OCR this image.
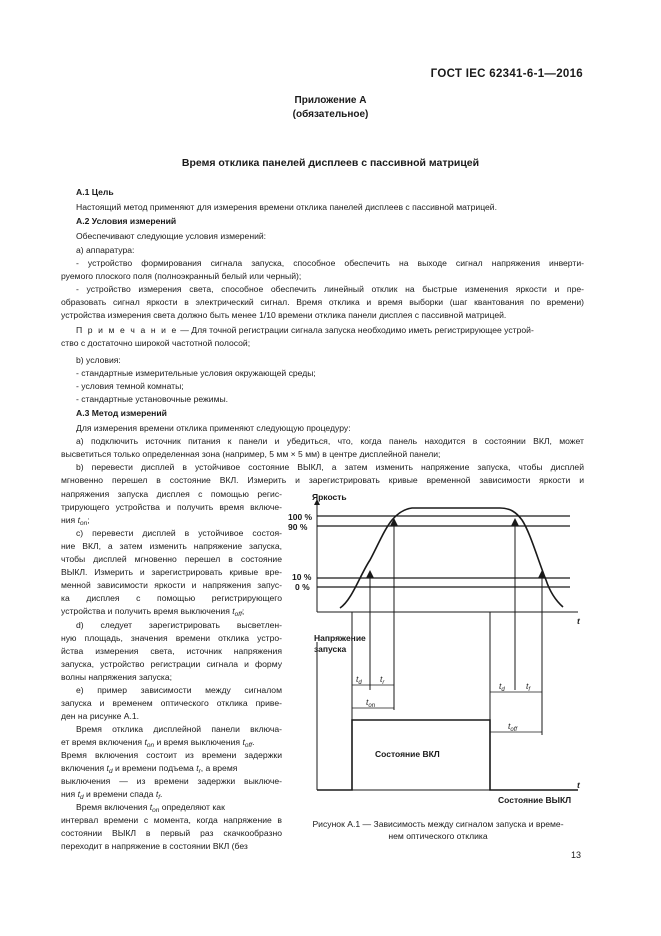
ГОСТ IEC 62341-6-1—2016
Приложение А
(обязательное)
Время отклика панелей дисплеев с пассивной матрицей
А.1 Цель
Настоящий метод применяют для измерения времени отклика панелей дисплеев с пассивной матрицей.
А.2 Условия измерений
Обеспечивают следующие условия измерений:
а) аппаратура:
- устройство формирования сигнала запуска, способное обеспечить на выходе сигнал напряжения инверти-
руемого плоского поля (полноэкранный белый или черный);
- устройство измерения света, способное обеспечить линейный отклик на быстрые изменения яркости и пре-
образовать сигнал яркости в электрический сигнал. Время отклика и время выборки (шаг квантования по времени)
устройства измерения света должно быть менее 1/10 времени отклика панели дисплея с пассивной матрицей.
П р и м е ч а н и е — Для точной регистрации сигнала запуска необходимо иметь регистрирующее устрой-
ство с достаточно широкой частотной полосой;
b) условия:
- стандартные измерительные условия окружающей среды;
- условия темной комнаты;
- стандартные установочные режимы.
А.3 Метод измерений
Для измерения времени отклика применяют следующую процедуру:
а) подключить источник питания к панели и убедиться, что, когда панель находится в состоянии ВКЛ, может
высветиться только определенная зона (например, 5 мм × 5 мм) в центре дисплейной панели;
b) перевести дисплей в устойчивое состояние ВЫКЛ, а затем изменить напряжение запуска, чтобы дисплей
мгновенно перешел в состояние ВКЛ. Измерить и зарегистрировать кривые временной зависимости яркости и
напряжения запуска дисплея с помощью регис-
трирующего устройства и получить время включе-
ния $t_{on}$;
с) перевести дисплей в устойчивое состоя-
ние ВКЛ, а затем изменить напряжение запуска,
чтобы дисплей мгновенно перешел в состояние
ВЫКЛ. Измерить и зарегистрировать кривые вре-
менной зависимости яркости и напряжения запус-
ка дисплея с помощью регистрирующего
устройства и получить время выключения $t_{off}$;
d) следует зарегистрировать высветлен-
ную площадь, значения времени отклика устро-
йства измерения света, источник напряжения
запуска, устройство регистрации сигнала и форму
волны напряжения запуска;
е) пример зависимости между сигналом
запуска и временем оптического отклика приве-
ден на рисунке А.1.
Время отклика дисплейной панели включа-
ет время включения $t_{on}$ и время выключения $t_{off}$.
Время включения состоит из времени задержки
включения $t_d$ и времени подъема $t_r$, а время
выключения — из времени задержки выключе-
ния $t_d$ и времени спада $t_f$.
Время включения $t_{on}$ определяют как
интервал времени с момента, когда напряжение в
состоянии ВЫКЛ в первый раз скачкообразно
переходит в напряжение в состоянии ВКЛ (без
Яркость
100 %
90 %
10 %
0 %
t
Напряжение
запуска
t
Состояние ВКЛ
Состояние ВЫКЛ
$t_d$ $t_r$
$t_{on}$
$t_d$	$t_f$
$t_{off}$
Рисунок А.1 — Зависимость между сигналом запуска и време-
нем оптического отклика
13
